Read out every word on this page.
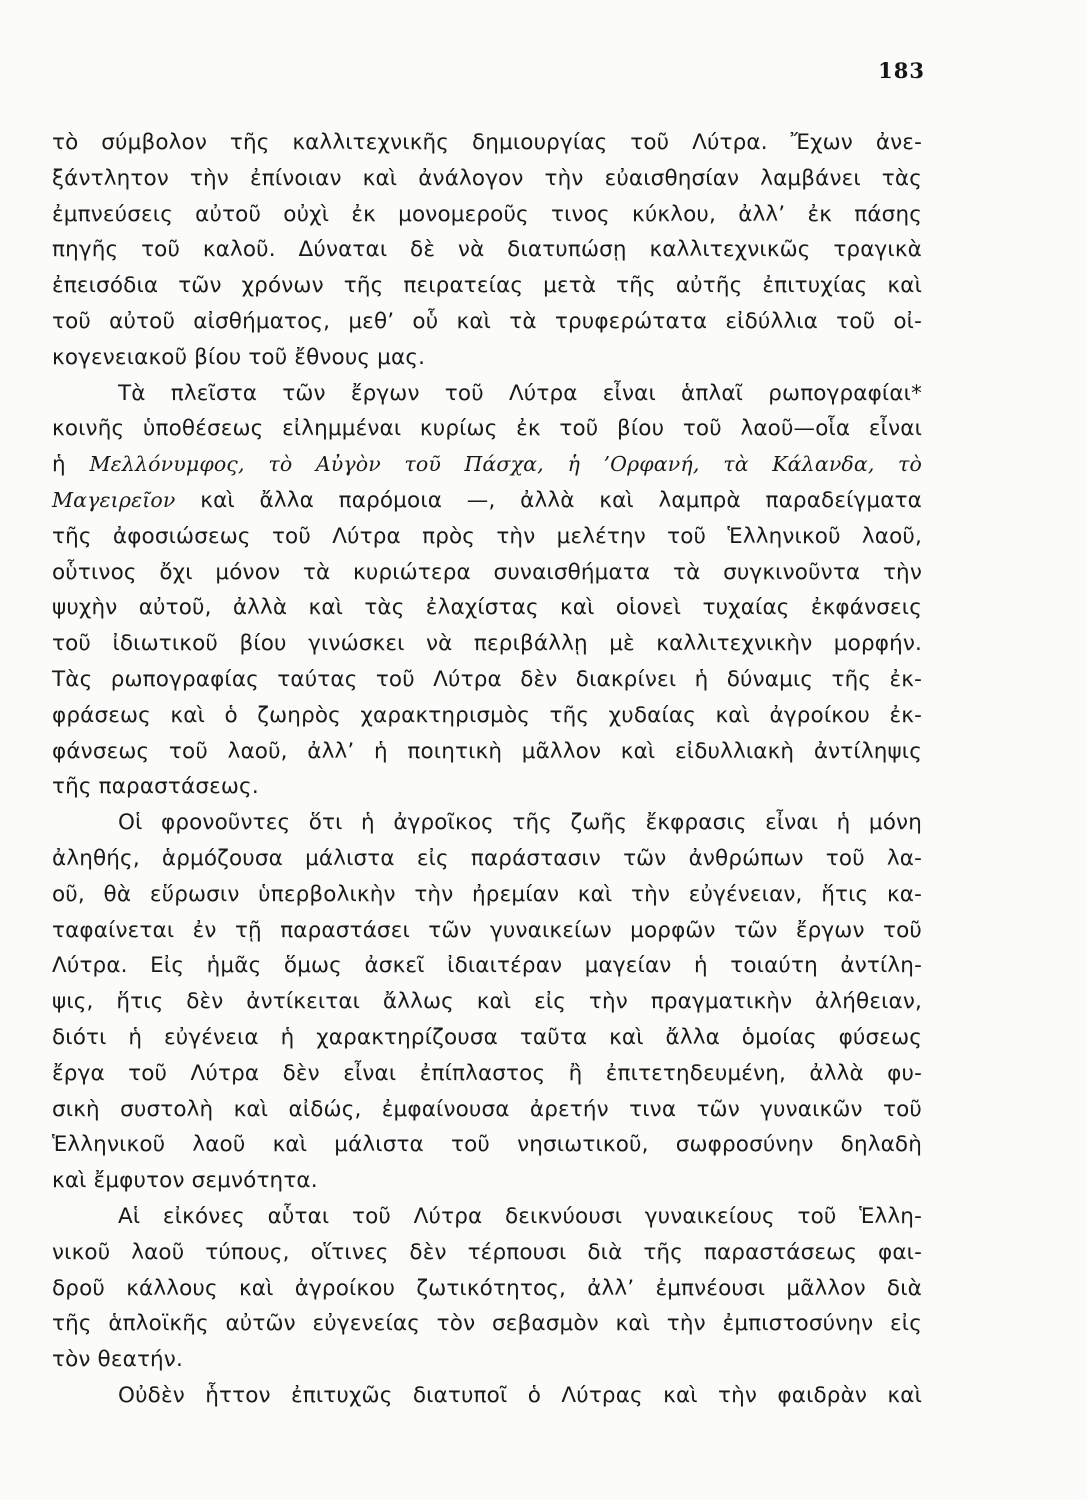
183
τὸ σύμβολον τῆς καλλιτεχνικῆς δημιουργίας τοῦ Λύτρα. Ἔχων ἀνε-
ξάντλητον τὴν ἐπίνοιαν καὶ ἀνάλογον τὴν εὐαισθησίαν λαμβάνει τὰς
ἐμπνεύσεις αὐτοῦ οὐχὶ ἐκ μονομεροῦς τινος κύκλου, ἀλλ’ ἐκ πάσης
πηγῆς τοῦ καλοῦ. Δύναται δὲ νὰ διατυπώσῃ καλλιτεχνικῶς τραγικὰ
ἐπεισόδια τῶν χρόνων τῆς πειρατείας μετὰ τῆς αὐτῆς ἐπιτυχίας καὶ
τοῦ αὐτοῦ αἰσθήματος, μεθ’ οὗ καὶ τὰ τρυφερώτατα εἰδύλλια τοῦ οἰ-
κογενειακοῦ βίου τοῦ ἔθνους μας.
Τὰ πλεῖστα τῶν ἔργων τοῦ Λύτρα εἶναι ἁπλαῖ ρωπογραφίαι*
κοινῆς ὑποθέσεως εἰλημμέναι κυρίως ἐκ τοῦ βίου τοῦ λαοῦ—οἷα εἶναι
ἡ Μελλόνυμφος, τὸ Αὐγὸν τοῦ Πάσχα, ἡ ’Ορφανή, τὰ Κάλανδα, τὸ
Μαγειρεῖον καὶ ἄλλα παρόμοια —, ἀλλὰ καὶ λαμπρὰ παραδείγματα
τῆς ἀφοσιώσεως τοῦ Λύτρα πρὸς τὴν μελέτην τοῦ Ἑλληνικοῦ λαοῦ,
οὗτινος ὄχι μόνον τὰ κυριώτερα συναισθήματα τὰ συγκινοῦντα τὴν
ψυχὴν αὐτοῦ, ἀλλὰ καὶ τὰς ἐλαχίστας καὶ οἱονεὶ τυχαίας ἐκφάνσεις
τοῦ ἰδιωτικοῦ βίου γινώσκει νὰ περιβάλλῃ μὲ καλλιτεχνικὴν μορφήν.
Τὰς ρωπογραφίας ταύτας τοῦ Λύτρα δὲν διακρίνει ἡ δύναμις τῆς ἐκ-
φράσεως καὶ ὁ ζωηρὸς χαρακτηρισμὸς τῆς χυδαίας καὶ ἀγροίκου ἐκ-
φάνσεως τοῦ λαοῦ, ἀλλ’ ἡ ποιητικὴ μᾶλλον καὶ εἰδυλλιακὴ ἀντίληψις
τῆς παραστάσεως.
Οἱ φρονοῦντες ὅτι ἡ ἀγροῖκος τῆς ζωῆς ἔκφρασις εἶναι ἡ μόνη
ἀληθής, ἁρμόζουσα μάλιστα εἰς παράστασιν τῶν ἀνθρώπων τοῦ λα-
οῦ, θὰ εὕρωσιν ὑπερβολικὴν τὴν ἠρεμίαν καὶ τὴν εὐγένειαν, ἥτις κα-
ταφαίνεται ἐν τῇ παραστάσει τῶν γυναικείων μορφῶν τῶν ἔργων τοῦ
Λύτρα. Εἰς ἡμᾶς ὅμως ἀσκεῖ ἰδιαιτέραν μαγείαν ἡ τοιαύτη ἀντίλη-
ψις, ἥτις δὲν ἀντίκειται ἄλλως καὶ εἰς τὴν πραγματικὴν ἀλήθειαν,
διότι ἡ εὐγένεια ἡ χαρακτηρίζουσα ταῦτα καὶ ἄλλα ὁμοίας φύσεως
ἔργα τοῦ Λύτρα δὲν εἶναι ἐπίπλαστος ἢ ἐπιτετηδευμένη, ἀλλὰ φυ-
σικὴ συστολὴ καὶ αἰδώς, ἐμφαίνουσα ἀρετήν τινα τῶν γυναικῶν τοῦ
Ἑλληνικοῦ λαοῦ καὶ μάλιστα τοῦ νησιωτικοῦ, σωφροσύνην δηλαδὴ
καὶ ἔμφυτον σεμνότητα.
Αἱ εἰκόνες αὗται τοῦ Λύτρα δεικνύουσι γυναικείους τοῦ Ἑλλη-
νικοῦ λαοῦ τύπους, οἵτινες δὲν τέρπουσι διὰ τῆς παραστάσεως φαι-
δροῦ κάλλους καὶ ἀγροίκου ζωτικότητος, ἀλλ’ ἐμπνέουσι μᾶλλον διὰ
τῆς ἁπλοϊκῆς αὐτῶν εὐγενείας τὸν σεβασμὸν καὶ τὴν ἐμπιστοσύνην εἰς
τὸν θεατήν.
Οὐδὲν ἧττον ἐπιτυχῶς διατυποῖ ὁ Λύτρας καὶ τὴν φαιδρὰν καὶ
